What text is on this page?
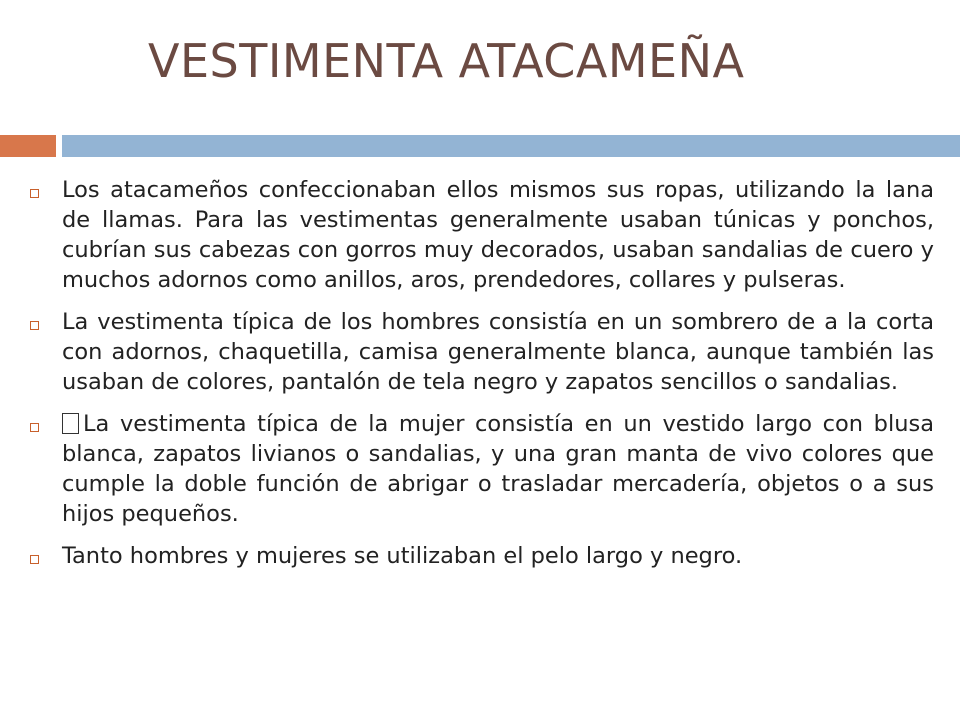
VESTIMENTA ATACAMEÑA
Los atacameños confeccionaban ellos mismos sus ropas, utilizando la lana de llamas. Para las vestimentas generalmente usaban túnicas y ponchos, cubrían sus cabezas con gorros muy decorados, usaban sandalias de cuero y muchos adornos como anillos, aros, prendedores, collares y pulseras.
La vestimenta típica de los hombres consistía en un sombrero de a la corta con adornos, chaquetilla, camisa generalmente blanca, aunque también las usaban de colores, pantalón de tela negro y zapatos sencillos o sandalias.
La vestimenta típica de la mujer consistía en un vestido largo con blusa blanca, zapatos livianos o sandalias, y una gran manta de vivo colores que cumple la doble función de abrigar o trasladar mercadería, objetos o a sus hijos pequeños.
Tanto hombres y mujeres se utilizaban el pelo largo y negro.
